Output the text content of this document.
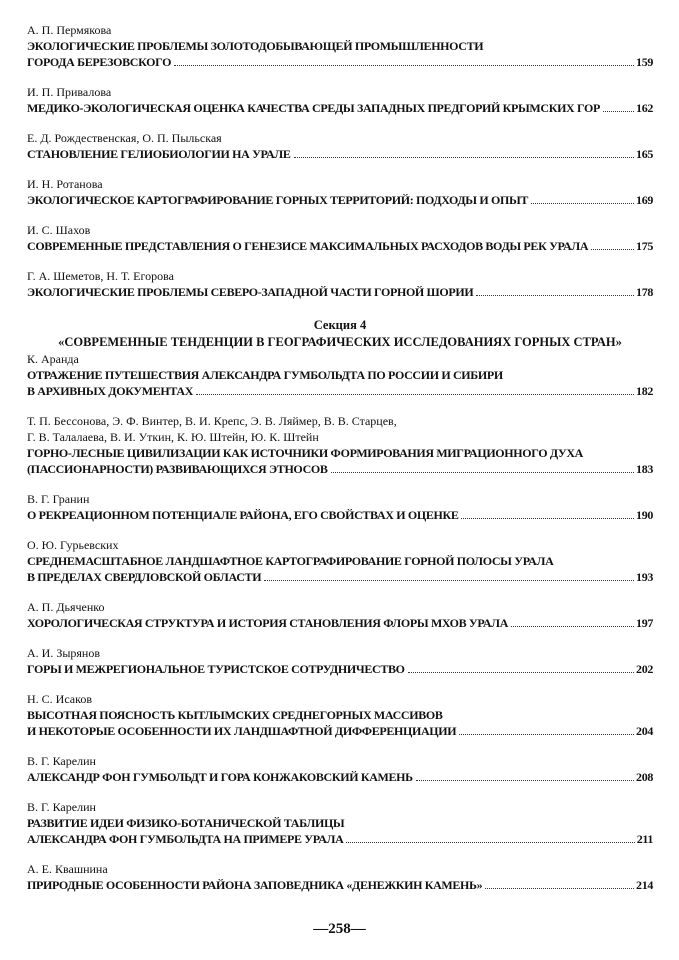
А. П. Пермякова
ЭКОЛОГИЧЕСКИЕ ПРОБЛЕМЫ ЗОЛОТОДОБЫВАЮЩЕЙ ПРОМЫШЛЕННОСТИ
ГОРОДА БЕРЕЗОВСКОГО	159
И. П. Привалова
МЕДИКО-ЭКОЛОГИЧЕСКАЯ ОЦЕНКА КАЧЕСТВА СРЕДЫ ЗАПАДНЫХ ПРЕДГОРИЙ КРЫМСКИХ ГОР	162
Е. Д. Рождественская, О. П. Пыльская
СТАНОВЛЕНИЕ ГЕЛИОБИОЛОГИИ НА УРАЛЕ	165
И. Н. Ротанова
ЭКОЛОГИЧЕСКОЕ КАРТОГРАФИРОВАНИЕ ГОРНЫХ ТЕРРИТОРИЙ: ПОДХОДЫ И ОПЫТ	169
И. С. Шахов
СОВРЕМЕННЫЕ ПРЕДСТАВЛЕНИЯ О ГЕНЕЗИСЕ МАКСИМАЛЬНЫХ РАСХОДОВ ВОДЫ РЕК УРАЛА	175
Г. А. Шеметов, Н. Т. Егорова
ЭКОЛОГИЧЕСКИЕ ПРОБЛЕМЫ СЕВЕРО-ЗАПАДНОЙ ЧАСТИ ГОРНОЙ ШОРИИ	178
Секция 4
«СОВРЕМЕННЫЕ ТЕНДЕНЦИИ В ГЕОГРАФИЧЕСКИХ ИССЛЕДОВАНИЯХ ГОРНЫХ СТРАН»
К. Аранда
ОТРАЖЕНИЕ ПУТЕШЕСТВИЯ АЛЕКСАНДРА ГУМБОЛЬДТА ПО РОССИИ И СИБИРИ
В АРХИВНЫХ ДОКУМЕНТАХ	182
Т. П. Бессонова, Э. Ф. Винтер, В. И. Крепс, Э. В. Ляймер, В. В. Старцев,
Г. В. Талалаева, В. И. Уткин, К. Ю. Штейн, Ю. К. Штейн
ГОРНО-ЛЕСНЫЕ ЦИВИЛИЗАЦИИ КАК ИСТОЧНИКИ ФОРМИРОВАНИЯ МИГРАЦИОННОГО ДУХА
(ПАССИОНАРНОСТИ) РАЗВИВАЮЩИХСЯ ЭТНОСОВ	183
В. Г. Гранин
О РЕКРЕАЦИОННОМ ПОТЕНЦИАЛЕ РАЙОНА, ЕГО СВОЙСТВАХ И ОЦЕНКЕ	190
О. Ю. Гурьевских
СРЕДНЕМАСШТАБНОЕ ЛАНДШАФТНОЕ КАРТОГРАФИРОВАНИЕ ГОРНОЙ ПОЛОСЫ УРАЛА
В ПРЕДЕЛАХ СВЕРДЛОВСКОЙ ОБЛАСТИ	193
А. П. Дьяченко
ХОРОЛОГИЧЕСКАЯ СТРУКТУРА И ИСТОРИЯ СТАНОВЛЕНИЯ ФЛОРЫ МХОВ УРАЛА	197
А. И. Зырянов
ГОРЫ И МЕЖРЕГИОНАЛЬНОЕ ТУРИСТСКОЕ СОТРУДНИЧЕСТВО	202
Н. С. Исаков
ВЫСОТНАЯ ПОЯСНОСТЬ КЫТЛЫМСКИХ СРЕДНЕГОРНЫХ МАССИВОВ
И НЕКОТОРЫЕ ОСОБЕННОСТИ ИХ ЛАНДШАФТНОЙ ДИФФЕРЕНЦИАЦИИ	204
В. Г. Карелин
АЛЕКСАНДР ФОН ГУМБОЛЬДТ И ГОРА КОНЖАКОВСКИЙ КАМЕНЬ	208
В. Г. Карелин
РАЗВИТИЕ ИДЕИ ФИЗИКО-БОТАНИЧЕСКОЙ ТАБЛИЦЫ
АЛЕКСАНДРА ФОН ГУМБОЛЬДТА НА ПРИМЕРЕ УРАЛА	211
А. Е. Квашнина
ПРИРОДНЫЕ ОСОБЕННОСТИ РАЙОНА ЗАПОВЕДНИКА «ДЕНЕЖКИН КАМЕНЬ»	214
—258—
